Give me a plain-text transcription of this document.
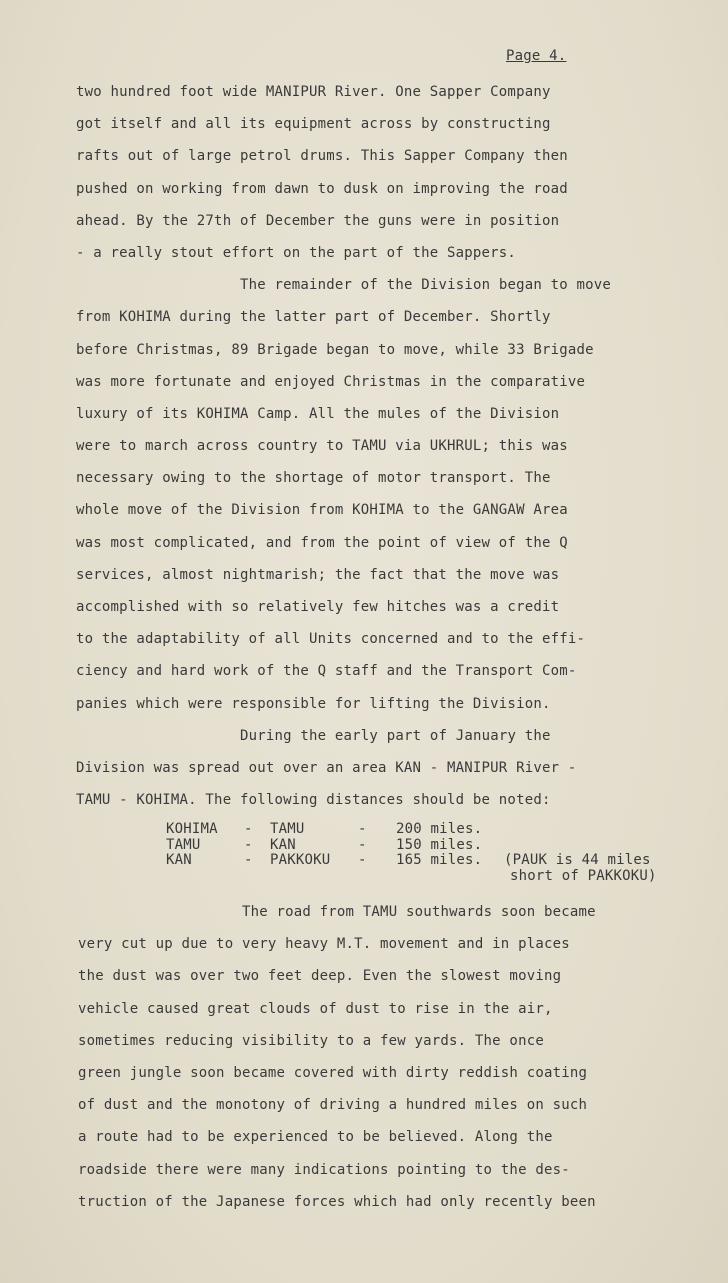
Page 4.
two hundred foot wide MANIPUR River. One Sapper Company
got itself and all its equipment across by constructing
rafts out of large petrol drums. This Sapper Company then
pushed on working from dawn to dusk on improving the road
ahead. By the 27th of December the guns were in position
- a really stout effort on the part of the Sappers.
The remainder of the Division began to move
from KOHIMA during the latter part of December. Shortly
before Christmas, 89 Brigade began to move, while 33 Brigade
was more fortunate and enjoyed Christmas in the comparative
luxury of its KOHIMA Camp. All the mules of the Division
were to march across country to TAMU via UKHRUL; this was
necessary owing to the shortage of motor transport. The
whole move of the Division from KOHIMA to the GANGAW Area
was most complicated, and from the point of view of the Q
services, almost nightmarish; the fact that the move was
accomplished with so relatively few hitches was a credit
to the adaptability of all Units concerned and to the effi-
ciency and hard work of the Q staff and the Transport Com-
panies which were responsible for lifting the Division.
During the early part of January the
Division was spread out over an area KAN - MANIPUR River -
TAMU - KOHIMA. The following distances should be noted:
KOHIMA - TAMU	- 200 miles.
TAMU	- KAN	- 150 miles.
KAN	- PAKKOKU - 165 miles. (PAUK is 44 miles
short of PAKKOKU)
The road from TAMU southwards soon became
very cut up due to very heavy M.T. movement and in places
the dust was over two feet deep. Even the slowest moving
vehicle caused great clouds of dust to rise in the air,
sometimes reducing visibility to a few yards. The once
green jungle soon became covered with dirty reddish coating
of dust and the monotony of driving a hundred miles on such
a route had to be experienced to be believed. Along the
roadside there were many indications pointing to the des-
truction of the Japanese forces which had only recently been
